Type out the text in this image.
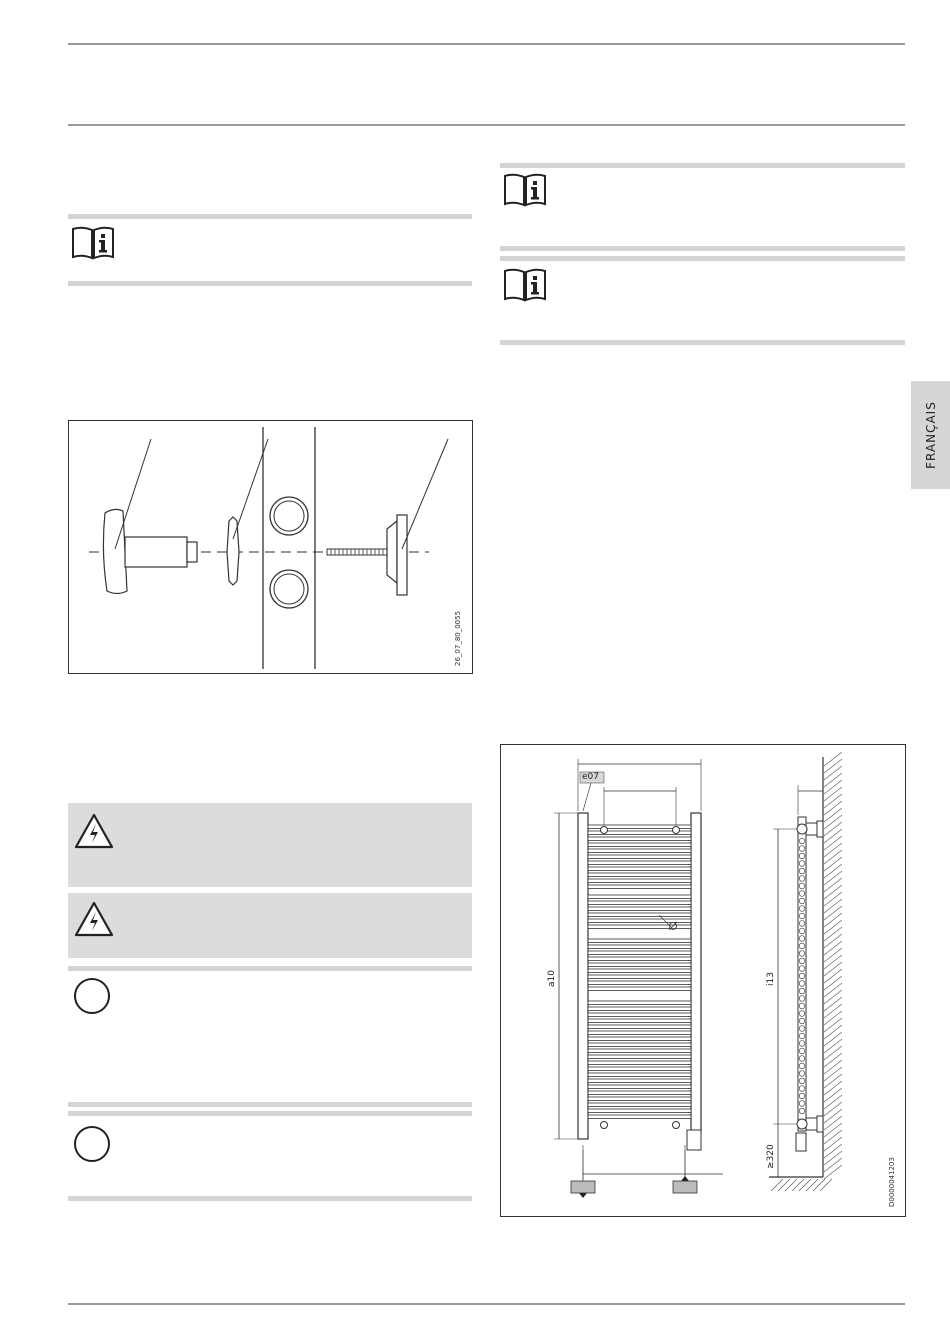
26_07_80_0055
FRANÇAIS
e07
a10	i13
≥320
D0000041203
